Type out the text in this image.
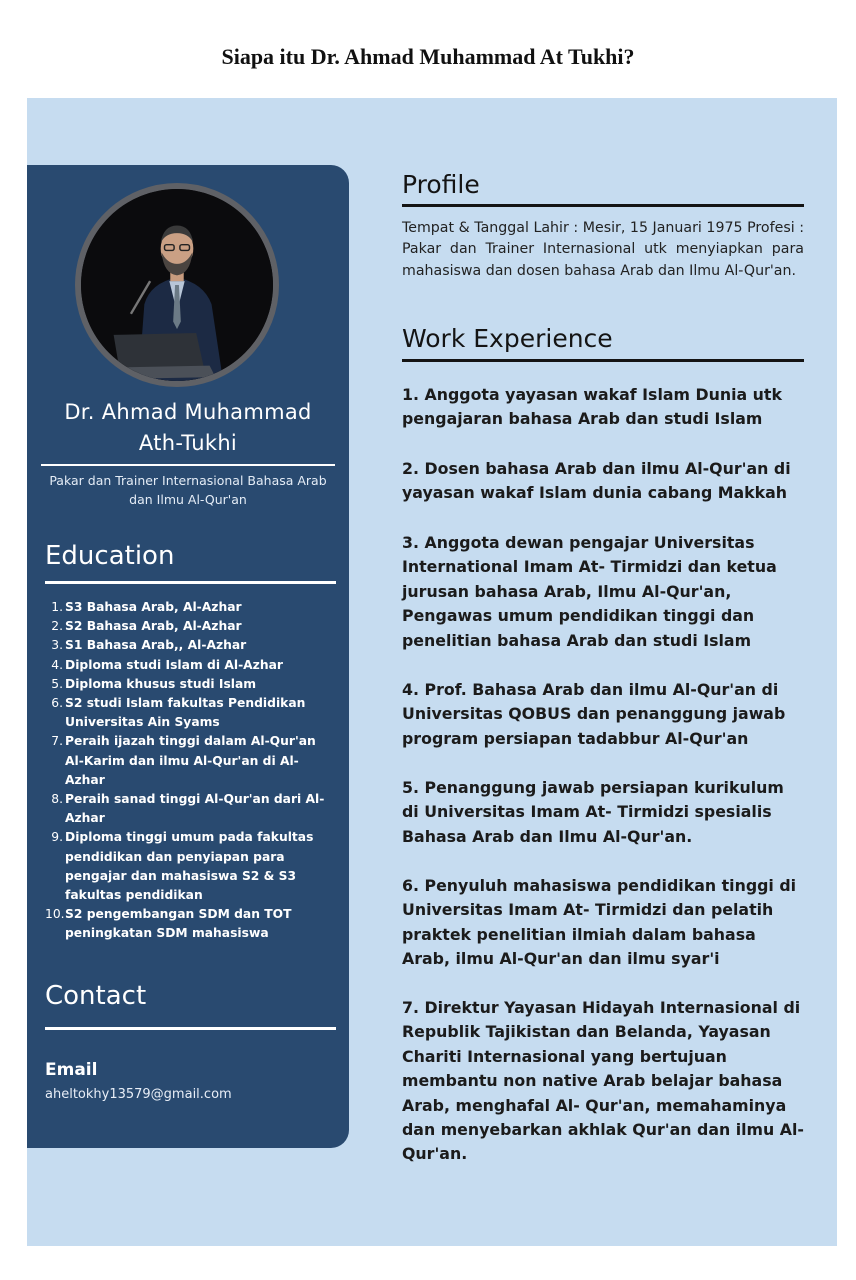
Siapa itu Dr. Ahmad Muhammad At Tukhi?
Dr. Ahmad Muhammad Ath-Tukhi
Pakar dan Trainer Internasional Bahasa Arab dan Ilmu Al-Qur'an
Education
1. S3 Bahasa Arab, Al-Azhar
2. S2 Bahasa Arab, Al-Azhar
3. S1 Bahasa Arab,, Al-Azhar
4. Diploma studi Islam di Al-Azhar
5. Diploma khusus studi Islam
6. S2 studi Islam fakultas Pendidikan Universitas Ain Syams
7. Peraih ijazah tinggi dalam Al-Qur'an Al-Karim dan ilmu Al-Qur'an di Al-Azhar
8. Peraih sanad tinggi Al-Qur'an dari Al-Azhar
9. Diploma tinggi umum pada fakultas pendidikan dan penyiapan para pengajar dan mahasiswa S2 & S3 fakultas pendidikan
10. S2 pengembangan SDM dan TOT peningkatan SDM mahasiswa
Contact
Email
aheltokhy13579@gmail.com
Profile
Tempat & Tanggal Lahir : Mesir, 15 Januari 1975 Profesi : Pakar dan Trainer Internasional utk menyiapkan para mahasiswa dan dosen bahasa Arab dan Ilmu Al-Qur'an.
Work Experience
1. Anggota yayasan wakaf Islam Dunia utk pengajaran bahasa Arab dan studi Islam
2. Dosen bahasa Arab dan ilmu Al-Qur'an di yayasan wakaf Islam dunia cabang Makkah
3. Anggota dewan pengajar Universitas International Imam At- Tirmidzi dan ketua jurusan bahasa Arab, Ilmu Al-Qur'an, Pengawas umum pendidikan tinggi dan penelitian bahasa Arab dan studi Islam
4. Prof. Bahasa Arab dan ilmu Al-Qur'an di Universitas QOBUS dan penanggung jawab program persiapan tadabbur Al-Qur'an
5. Penanggung jawab persiapan kurikulum di Universitas Imam At- Tirmidzi spesialis Bahasa Arab dan Ilmu Al-Qur'an.
6. Penyuluh mahasiswa pendidikan tinggi di Universitas Imam At- Tirmidzi dan pelatih praktek penelitian ilmiah dalam bahasa Arab, ilmu Al-Qur'an dan ilmu syar'i
7. Direktur Yayasan Hidayah Internasional di Republik Tajikistan dan Belanda, Yayasan Chariti Internasional yang bertujuan membantu non native Arab belajar bahasa Arab, menghafal Al- Qur'an, memahaminya dan menyebarkan akhlak Qur'an dan ilmu Al-Qur'an.
